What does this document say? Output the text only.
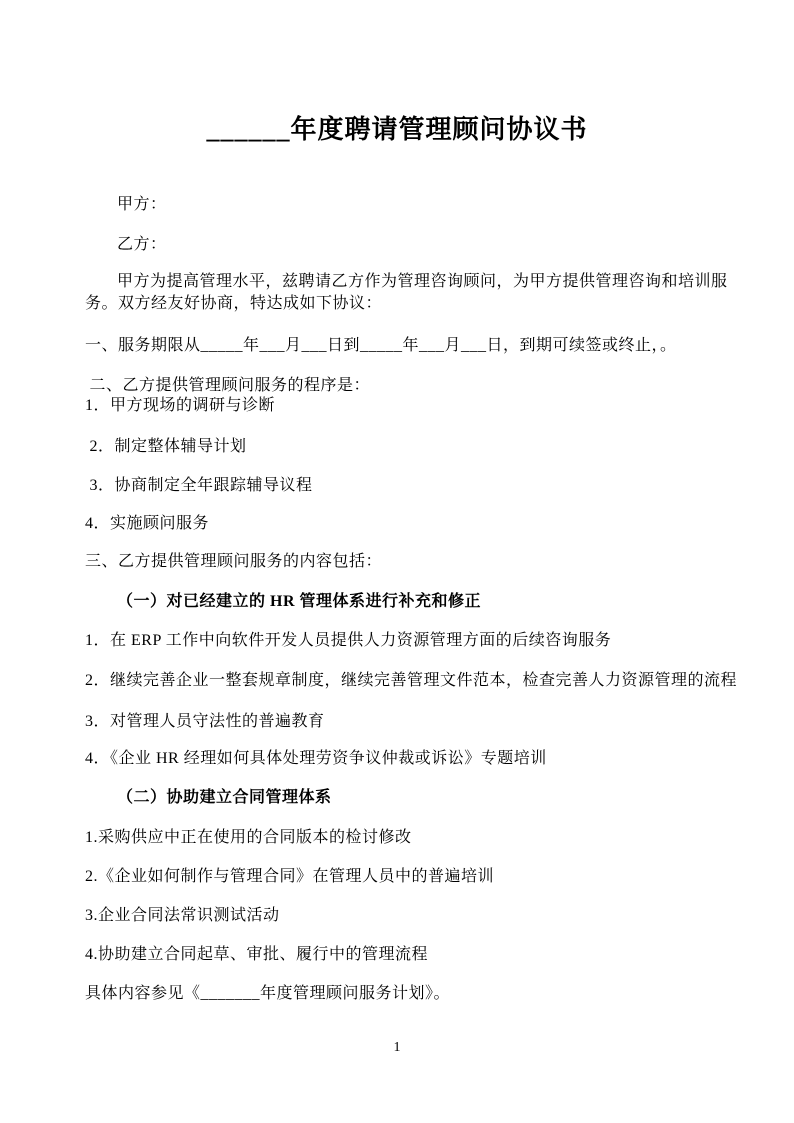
______年度聘请管理顾问协议书

甲方：

乙方：

甲方为提高管理水平，兹聘请乙方作为管理咨询顾问，为甲方提供管理咨询和培训服务。双方经友好协商，特达成如下协议：

一、服务期限从_____年___月___日到_____年___月___日，到期可续签或终止，。

二、乙方提供管理顾问服务的程序是：

1．甲方现场的调研与诊断

2．制定整体辅导计划

3．协商制定全年跟踪辅导议程

4．实施顾问服务

三、乙方提供管理顾问服务的内容包括：

（一）对已经建立的 HR 管理体系进行补充和修正

1．在 ERP 工作中向软件开发人员提供人力资源管理方面的后续咨询服务

2．继续完善企业一整套规章制度，继续完善管理文件范本，检查完善人力资源管理的流程

3．对管理人员守法性的普遍教育

4．《企业 HR 经理如何具体处理劳资争议仲裁或诉讼》专题培训

（二）协助建立合同管理体系

1.采购供应中正在使用的合同版本的检讨修改

2.《企业如何制作与管理合同》在管理人员中的普遍培训

3.企业合同法常识测试活动

4.协助建立合同起草、审批、履行中的管理流程

具体内容参见《_______年度管理顾问服务计划》。

1
